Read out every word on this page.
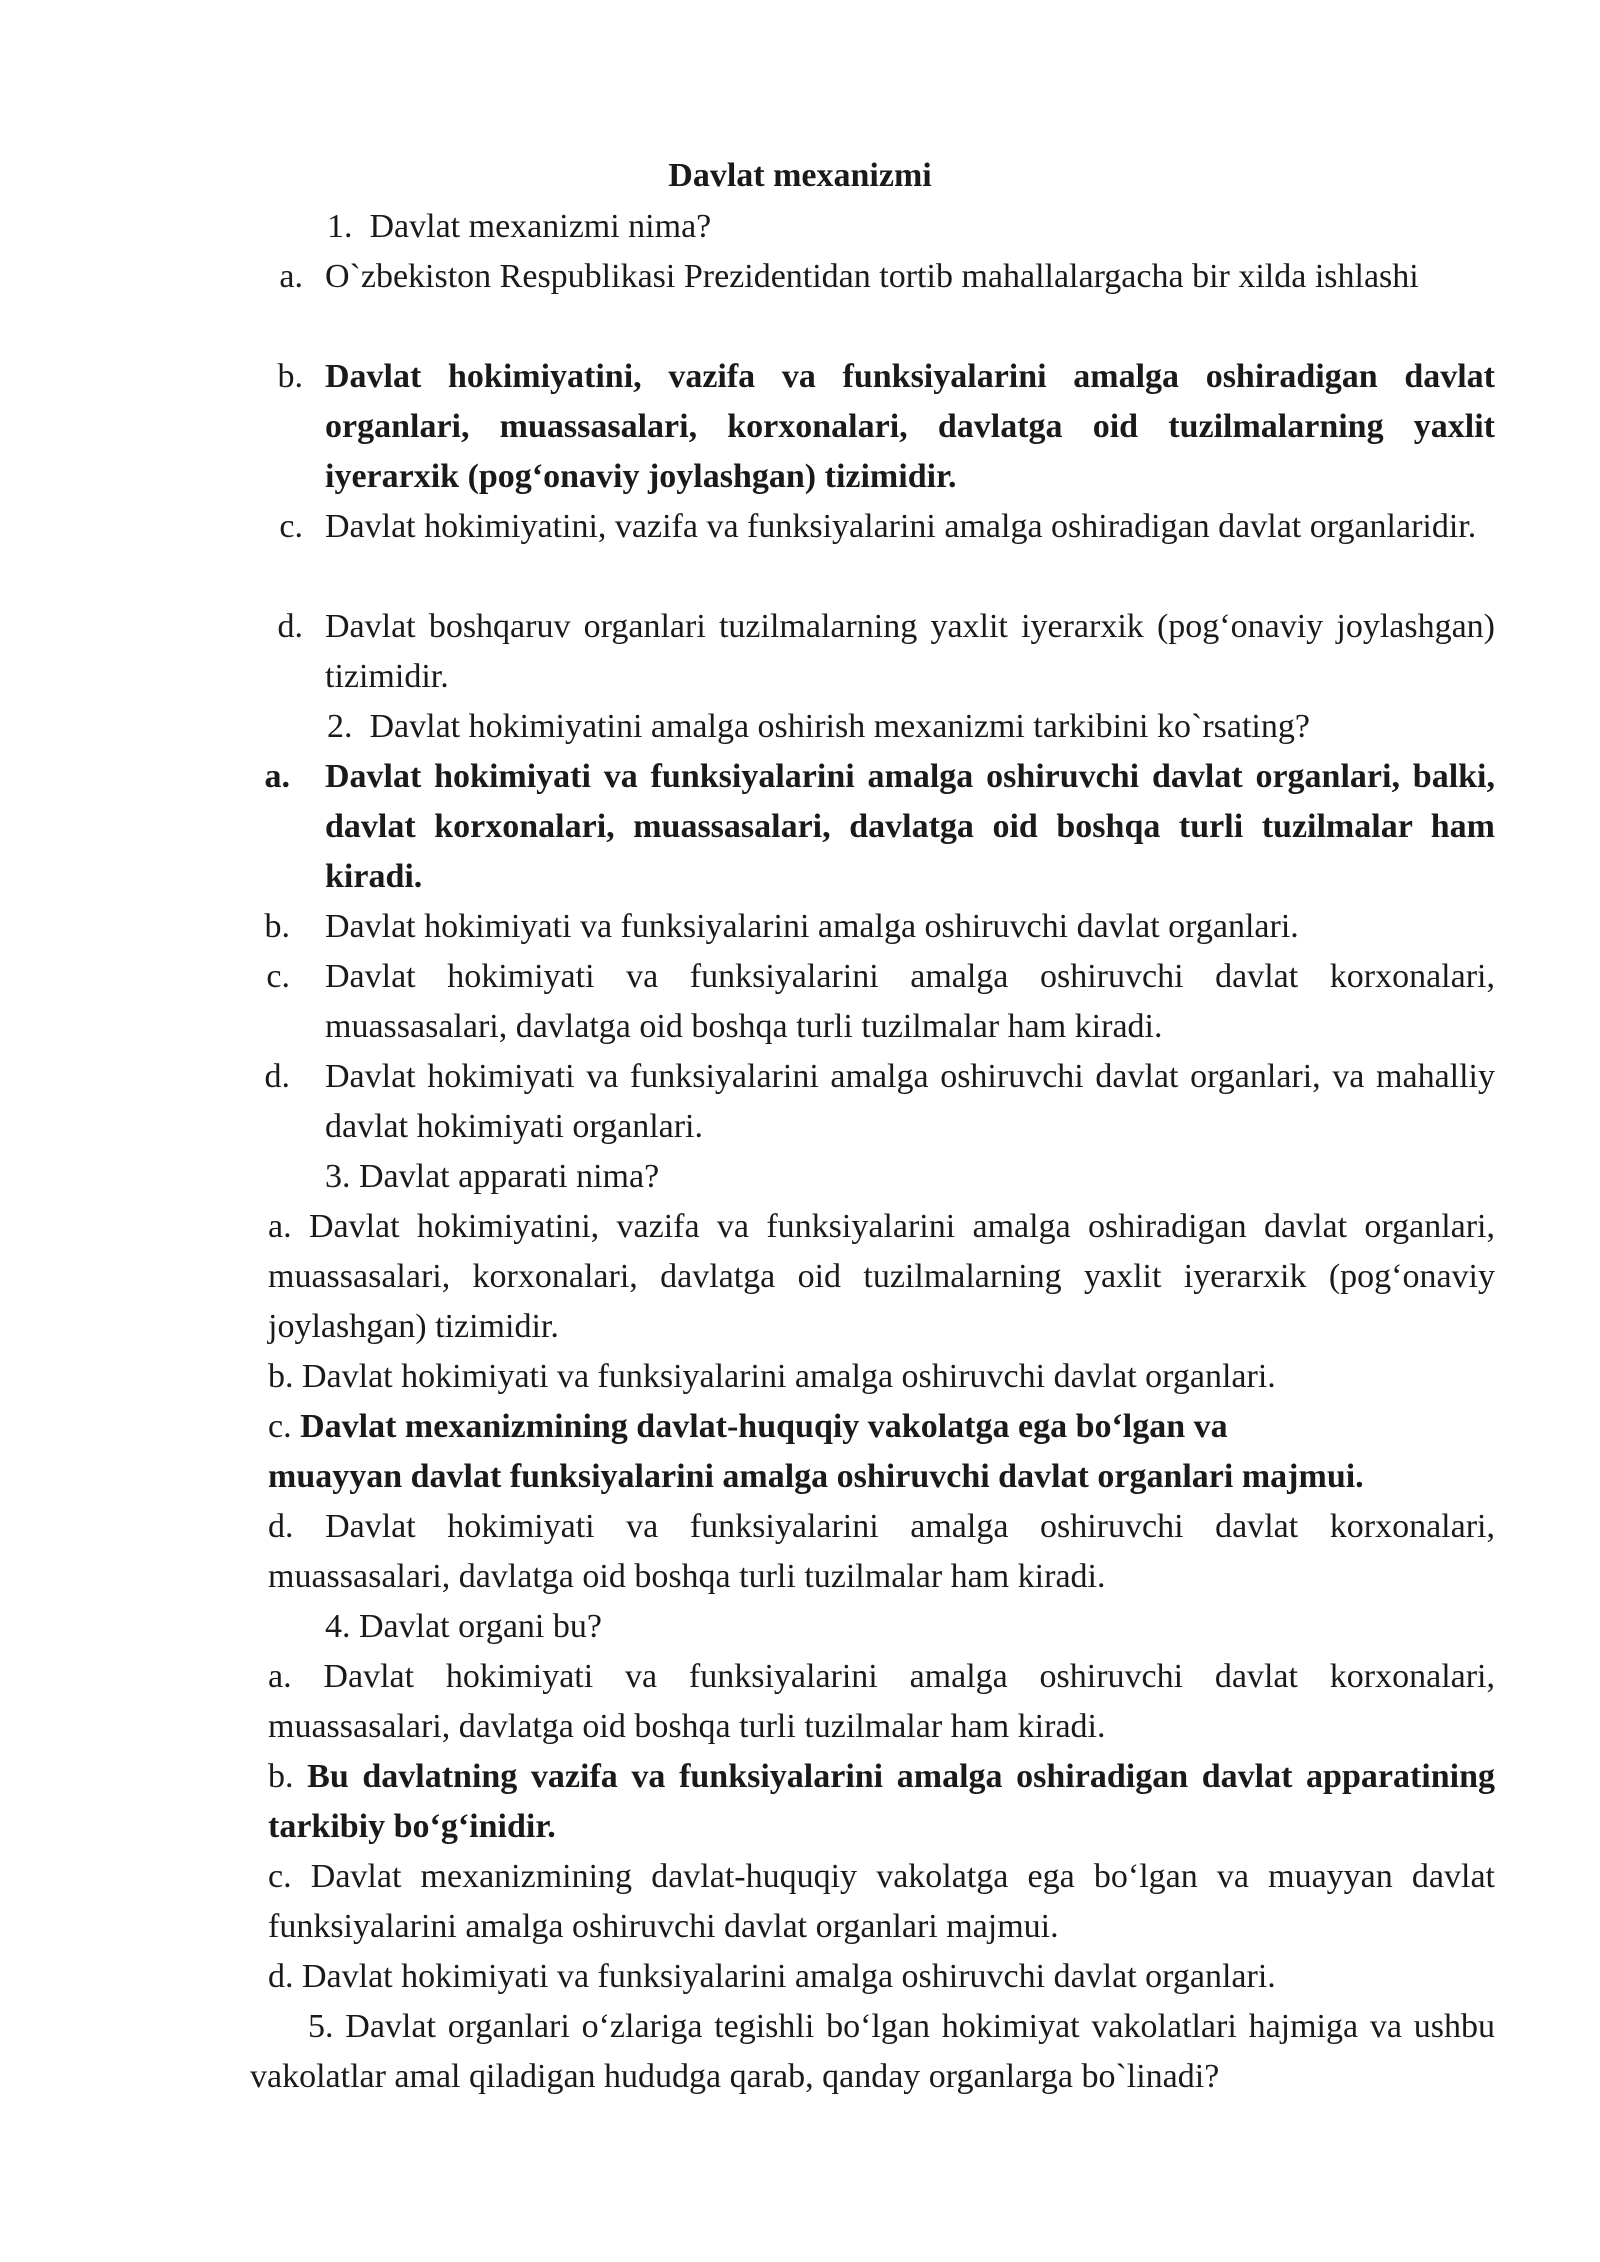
Davlat mexanizmi
1. Davlat mexanizmi nima?
a. O`zbekiston Respublikasi Prezidentidan tortib mahallalargacha bir xilda ishlashi
b. Davlat hokimiyatini, vazifa va funksiyalarini amalga oshiradigan davlat organlari, muassasalari, korxonalari, davlatga oid tuzilmalarning yaxlit iyerarxik (pog‘onaviy joylashgan) tizimidir.
c. Davlat hokimiyatini, vazifa va funksiyalarini amalga oshiradigan davlat organlaridir.
d. Davlat boshqaruv organlari tuzilmalarning yaxlit iyerarxik (pog‘onaviy joylashgan) tizimidir.
2. Davlat hokimiyatini amalga oshirish mexanizmi tarkibini ko`rsating?
a. Davlat hokimiyati va funksiyalarini amalga oshiruvchi davlat organlari, balki, davlat korxonalari, muassasalari, davlatga oid boshqa turli tuzilmalar ham kiradi.
b. Davlat hokimiyati va funksiyalarini amalga oshiruvchi davlat organlari.
c. Davlat hokimiyati va funksiyalarini amalga oshiruvchi davlat korxonalari, muassasalari, davlatga oid boshqa turli tuzilmalar ham kiradi.
d. Davlat hokimiyati va funksiyalarini amalga oshiruvchi davlat organlari, va mahalliy davlat hokimiyati organlari.
3. Davlat apparati nima?
a. Davlat hokimiyatini, vazifa va funksiyalarini amalga oshiradigan davlat organlari, muassasalari, korxonalari, davlatga oid tuzilmalarning yaxlit iyerarxik (pog‘onaviy joylashgan) tizimidir.
b. Davlat hokimiyati va funksiyalarini amalga oshiruvchi davlat organlari.
c. Davlat mexanizmining davlat-huquqiy vakolatga ega bo‘lgan va
muayyan davlat funksiyalarini amalga oshiruvchi davlat organlari majmui.
d. Davlat hokimiyati va funksiyalarini amalga oshiruvchi davlat korxonalari, muassasalari, davlatga oid boshqa turli tuzilmalar ham kiradi.
4. Davlat organi bu?
a. Davlat hokimiyati va funksiyalarini amalga oshiruvchi davlat korxonalari, muassasalari, davlatga oid boshqa turli tuzilmalar ham kiradi.
b. Bu davlatning vazifa va funksiyalarini amalga oshiradigan davlat apparatining tarkibiy bo‘g‘inidir.
c. Davlat mexanizmining davlat-huquqiy vakolatga ega bo‘lgan va muayyan davlat funksiyalarini amalga oshiruvchi davlat organlari majmui.
d. Davlat hokimiyati va funksiyalarini amalga oshiruvchi davlat organlari.
5. Davlat organlari o‘zlariga tegishli bo‘lgan hokimiyat vakolatlari hajmiga va ushbu vakolatlar amal qiladigan hududga qarab, qanday organlarga bo`linadi?
